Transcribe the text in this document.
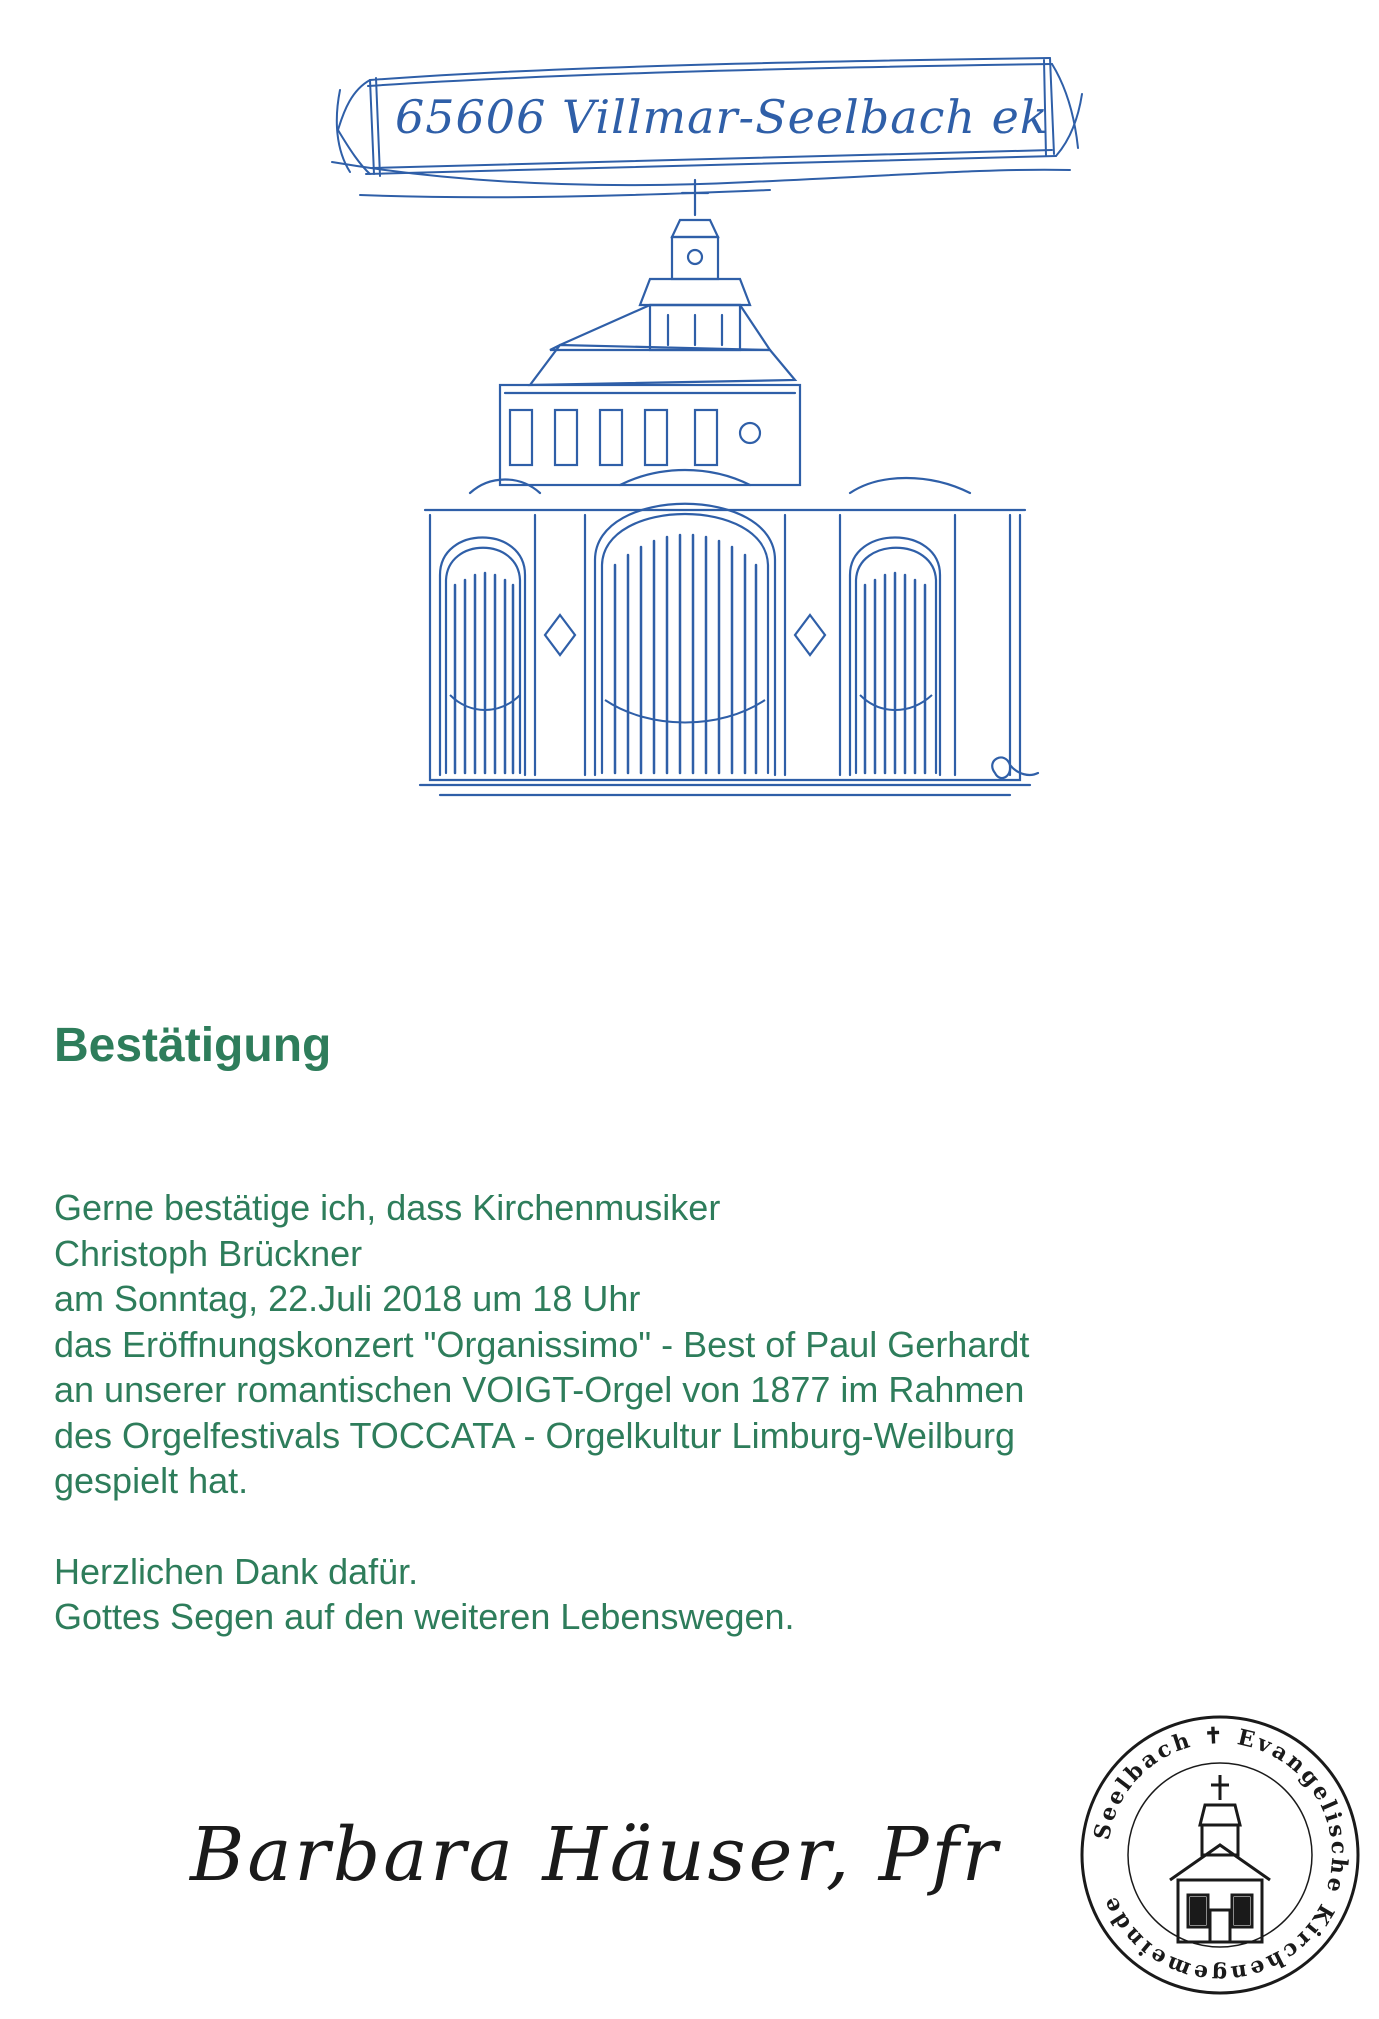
65606 Villmar-Seelbach ek
Bestätigung
Gerne bestätige ich, dass Kirchenmusiker
Christoph Brückner
am Sonntag, 22.Juli 2018 um 18 Uhr
das Eröffnungskonzert "Organissimo" - Best of Paul Gerhardt
an unserer romantischen VOIGT-Orgel von 1877 im Rahmen
des Orgelfestivals TOCCATA - Orgelkultur Limburg-Weilburg
gespielt hat.
Herzlichen Dank dafür.
Gottes Segen auf den weiteren Lebenswegen.
Barbara Häuser, Pfr	Seelbach ✝ Evangelische Kirchengemeinde
